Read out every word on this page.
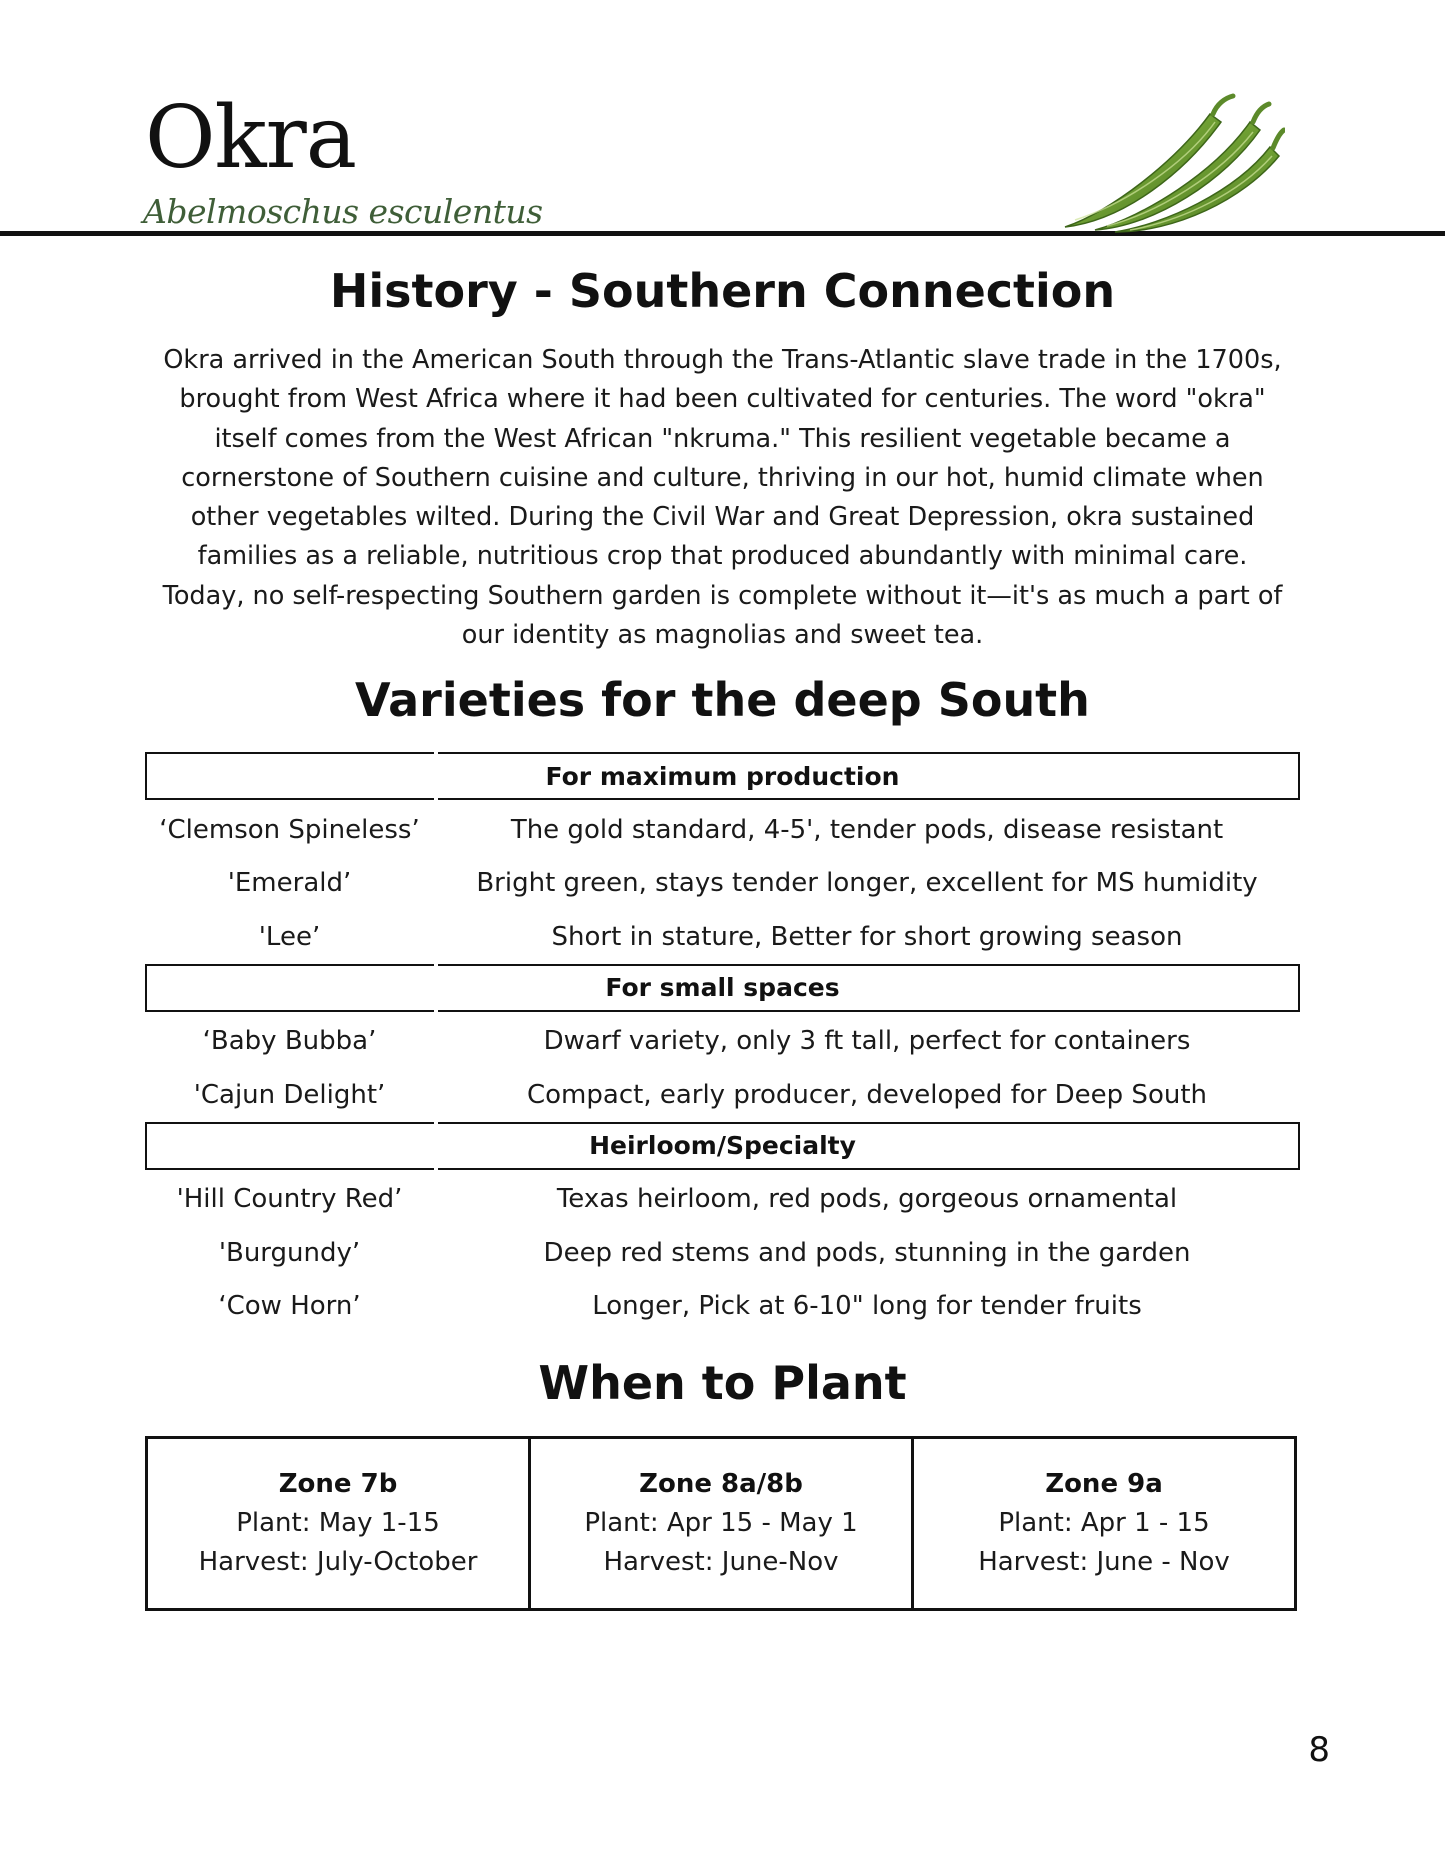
Okra
Abelmoschus esculentus
History - Southern Connection

Okra arrived in the American South through the Trans-Atlantic slave trade in the 1700s,
brought from West Africa where it had been cultivated for centuries. The word "okra"
itself comes from the West African "nkruma." This resilient vegetable became a
cornerstone of Southern cuisine and culture, thriving in our hot, humid climate when
other vegetables wilted. During the Civil War and Great Depression, okra sustained
families as a reliable, nutritious crop that produced abundantly with minimal care.
Today, no self-respecting Southern garden is complete without it—it's as much a part of
our identity as magnolias and sweet tea.

Varieties for the deep South
For maximum production
‘Clemson Spineless’	The gold standard, 4-5', tender pods, disease resistant
'Emerald’	Bright green, stays tender longer, excellent for MS humidity
'Lee’	Short in stature, Better for short growing season
For small spaces
‘Baby Bubba’	Dwarf variety, only 3 ft tall, perfect for containers
'Cajun Delight’	Compact, early producer, developed for Deep South
Heirloom/Specialty
'Hill Country Red’	Texas heirloom, red pods, gorgeous ornamental
'Burgundy’	Deep red stems and pods, stunning in the garden
‘Cow Horn’	Longer, Pick at 6-10" long for tender fruits
When to Plant
Zone 7b
Plant: May 1-15
Harvest: July-October
Zone 8a/8b
Plant: Apr 15 - May 1
Harvest: June-Nov
Zone 9a
Plant: Apr 1 - 15
Harvest: June - Nov
8
